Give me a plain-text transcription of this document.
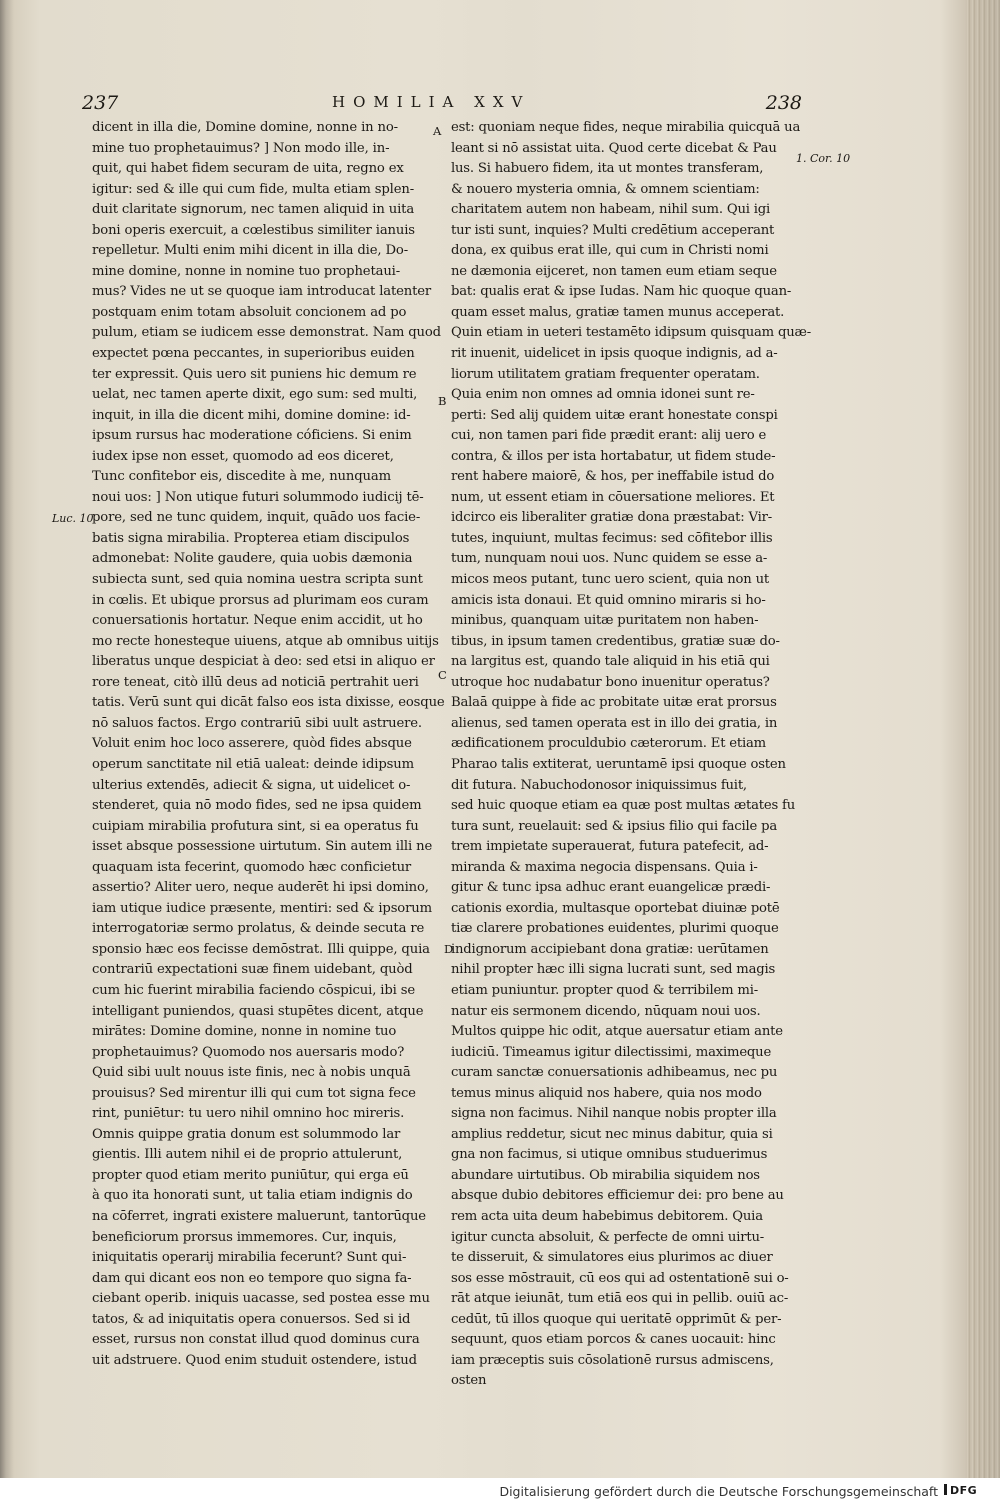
237	HOMILIA XXV	238
dicent in illa die, Domine domine, nonne in no-
mine tuo prophetauimus? ] Non modo ille, in-
quit, qui habet fidem securam de uita, regno ex
igitur: sed & ille qui cum fide, multa etiam splen-
duit claritate signorum, nec tamen aliquid in uita
boni operis exercuit, a cœlestibus similiter ianuis
repelletur. Multi enim mihi dicent in illa die, Do-
mine domine, nonne in nomine tuo prophetaui-
mus? Vides ne ut se quoque iam introducat latenter
postquam enim totam absoluit concionem ad po
pulum, etiam se iudicem esse demonstrat. Nam quod
expectet pœna peccantes, in superioribus euiden
ter expressit. Quis uero sit puniens hic demum re
uelat, nec tamen aperte dixit, ego sum: sed multi,
inquit, in illa die dicent mihi, domine domine: id-
ipsum rursus hac moderatione cóficiens. Si enim
iudex ipse non esset, quomodo ad eos diceret,
Tunc confitebor eis, discedite à me, nunquam
noui uos: ] Non utique futuri solummodo iudicij tē-
pore, sed ne tunc quidem, inquit, quādo uos facie-
batis signa mirabilia. Propterea etiam discipulos
admonebat: Nolite gaudere, quia uobis dæmonia
subiecta sunt, sed quia nomina uestra scripta sunt
in cœlis. Et ubique prorsus ad plurimam eos curam
conuersationis hortatur. Neque enim accidit, ut ho
mo recte honesteque uiuens, atque ab omnibus uitijs
liberatus unque despiciat à deo: sed etsi in aliquo er
rore teneat, citò illū deus ad noticiā pertrahit ueri
tatis. Verū sunt qui dicāt falso eos ista dixisse, eosque
nō saluos factos. Ergo contrariū sibi uult astruere.
Voluit enim hoc loco asserere, quòd fides absque
operum sanctitate nil etiā ualeat: deinde idipsum
ulterius extendēs, adiecit & signa, ut uidelicet o-
stenderet, quia nō modo fides, sed ne ipsa quidem
cuipiam mirabilia profutura sint, si ea operatus fu
isset absque possessione uirtutum. Sin autem illi ne
quaquam ista fecerint, quomodo hæc conficietur
assertio? Aliter uero, neque auderēt hi ipsi domino,
iam utique iudice præsente, mentiri: sed & ipsorum
interrogatoriæ sermo prolatus, & deinde secuta re
sponsio hæc eos fecisse demōstrat. Illi quippe, quia
contrariū expectationi suæ finem uidebant, quòd
cum hic fuerint mirabilia faciendo cōspicui, ibi se
intelligant puniendos, quasi stupētes dicent, atque
mirātes: Domine domine, nonne in nomine tuo
prophetauimus? Quomodo nos auersaris modo?
Quid sibi uult nouus iste finis, nec à nobis unquā
prouisus? Sed mirentur illi qui cum tot signa fece
rint, puniētur: tu uero nihil omnino hoc mireris.
Omnis quippe gratia donum est solummodo lar
gientis. Illi autem nihil ei de proprio attulerunt,
propter quod etiam merito puniūtur, qui erga eū
à quo ita honorati sunt, ut talia etiam indignis do
na cōferret, ingrati existere maluerunt, tantorūque
beneficiorum prorsus immemores. Cur, inquis,
iniquitatis operarij mirabilia fecerunt? Sunt qui-
dam qui dicant eos non eo tempore quo signa fa-
ciebant operib. iniquis uacasse, sed postea esse mu
tatos, & ad iniquitatis opera conuersos. Sed si id
esset, rursus non constat illud quod dominus cura
uit adstruere. Quod enim studuit ostendere, istud
est: quoniam neque fides, neque mirabilia quicquā ua
leant si nō assistat uita. Quod certe dicebat & Pau
lus. Si habuero fidem, ita ut montes transferam,
& nouero mysteria omnia, & omnem scientiam:
charitatem autem non habeam, nihil sum. Qui igi
tur isti sunt, inquies? Multi credētium acceperant
dona, ex quibus erat ille, qui cum in Christi nomi
ne dæmonia eijceret, non tamen eum etiam seque
bat: qualis erat & ipse Iudas. Nam hic quoque quan-
quam esset malus, gratiæ tamen munus acceperat.
Quin etiam in ueteri testamēto idipsum quisquam quæ-
rit inuenit, uidelicet in ipsis quoque indignis, ad a-
liorum utilitatem gratiam frequenter operatam.
Quia enim non omnes ad omnia idonei sunt re-
perti: Sed alij quidem uitæ erant honestate conspi
cui, non tamen pari fide prædit erant: alij uero e
contra, & illos per ista hortabatur, ut fidem stude-
rent habere maiorē, & hos, per ineffabile istud do
num, ut essent etiam in cōuersatione meliores. Et
idcirco eis liberaliter gratiæ dona præstabat: Vir-
tutes, inquiunt, multas fecimus: sed cōfitebor illis
tum, nunquam noui uos. Nunc quidem se esse a-
micos meos putant, tunc uero scient, quia non ut
amicis ista donaui. Et quid omnino miraris si ho-
minibus, quanquam uitæ puritatem non haben-
tibus, in ipsum tamen credentibus, gratiæ suæ do-
na largitus est, quando tale aliquid in his etiā qui
utroque hoc nudabatur bono inuenitur operatus?
Balaā quippe à fide ac probitate uitæ erat prorsus
alienus, sed tamen operata est in illo dei gratia, in
ædificationem proculdubio cæterorum. Et etiam
Pharao talis extiterat, ueruntamē ipsi quoque osten
dit futura. Nabuchodonosor iniquissimus fuit,
sed huic quoque etiam ea quæ post multas ætates fu
tura sunt, reuelauit: sed & ipsius filio qui facile pa
trem impietate superauerat, futura patefecit, ad-
miranda & maxima negocia dispensans. Quia i-
gitur & tunc ipsa adhuc erant euangelicæ prædi-
cationis exordia, multasque oportebat diuinæ potē
tiæ clarere probationes euidentes, plurimi quoque
indignorum accipiebant dona gratiæ: uerūtamen
nihil propter hæc illi signa lucrati sunt, sed magis
etiam puniuntur. propter quod & terribilem mi-
natur eis sermonem dicendo, nūquam noui uos.
Multos quippe hic odit, atque auersatur etiam ante
iudiciū. Timeamus igitur dilectissimi, maximeque
curam sanctæ conuersationis adhibeamus, nec pu
temus minus aliquid nos habere, quia nos modo
signa non facimus. Nihil nanque nobis propter illa
amplius reddetur, sicut nec minus dabitur, quia si
gna non facimus, si utique omnibus studuerimus
abundare uirtutibus. Ob mirabilia siquidem nos
absque dubio debitores efficiemur dei: pro bene au
rem acta uita deum habebimus debitorem. Quia
igitur cuncta absoluit, & perfecte de omni uirtu-
te disseruit, & simulatores eius plurimos ac diuer
sos esse mōstrauit, cū eos qui ad ostentationē sui o-
rāt atque ieiunāt, tum etiā eos qui in pellib. ouiū ac-
cedūt, tū illos quoque qui ueritatē opprimūt & per-
sequunt, quos etiam porcos & canes uocauit: hinc
iam præceptis suis cōsolationē rursus admiscens,
osten
A
B
C
D
Luc. 10
1. Cor. 10
Digitalisierung gefördert durch die Deutsche Forschungsgemeinschaft	DFG
